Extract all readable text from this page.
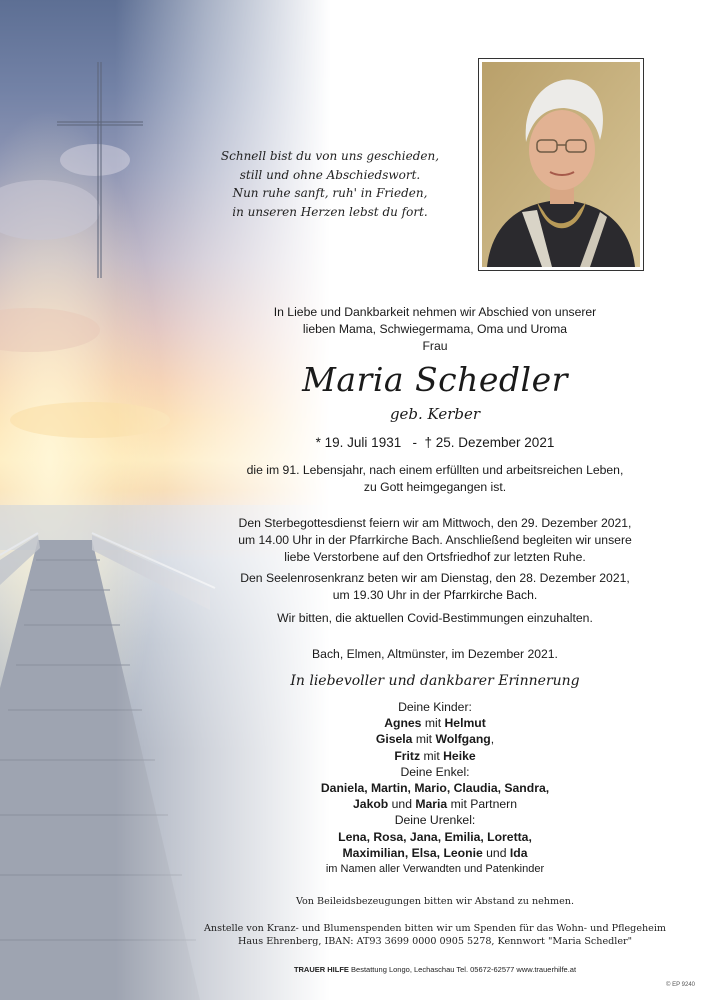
Schnell bist du von uns geschieden,
still und ohne Abschiedswort.
Nun ruhe sanft, ruh' in Frieden,
in unseren Herzen lebst du fort.
In Liebe und Dankbarkeit nehmen wir Abschied von unserer
lieben Mama, Schwiegermama, Oma und Uroma
Frau
Maria Schedler
geb. Kerber
* 19. Juli 1931 - † 25. Dezember 2021
die im 91. Lebensjahr, nach einem erfüllten und arbeitsreichen Leben,
zu Gott heimgegangen ist.
Den Sterbegottesdienst feiern wir am Mittwoch, den 29. Dezember 2021,
um 14.00 Uhr in der Pfarrkirche Bach. Anschließend begleiten wir unsere
liebe Verstorbene auf den Ortsfriedhof zur letzten Ruhe.
Den Seelenrosenkranz beten wir am Dienstag, den 28. Dezember 2021,
um 19.30 Uhr in der Pfarrkirche Bach.
Wir bitten, die aktuellen Covid-Bestimmungen einzuhalten.
Bach, Elmen, Altmünster, im Dezember 2021.
In liebevoller und dankbarer Erinnerung
Deine Kinder:
Agnes mit Helmut
Gisela mit Wolfgang,
Fritz mit Heike
Deine Enkel:
Daniela, Martin, Mario, Claudia, Sandra,
Jakob und Maria mit Partnern
Deine Urenkel:
Lena, Rosa, Jana, Emilia, Loretta,
Maximilian, Elsa, Leonie und Ida
im Namen aller Verwandten und Patenkinder
Von Beileidsbezeugungen bitten wir Abstand zu nehmen.
Anstelle von Kranz- und Blumenspenden bitten wir um Spenden für das Wohn- und Pflegeheim
Haus Ehrenberg, IBAN: AT93 3699 0000 0905 5278, Kennwort "Maria Schedler"
TRAUER HILFE Bestattung Longo, Lechaschau Tel. 05672-62577 www.trauerhilfe.at
© EP 9240
